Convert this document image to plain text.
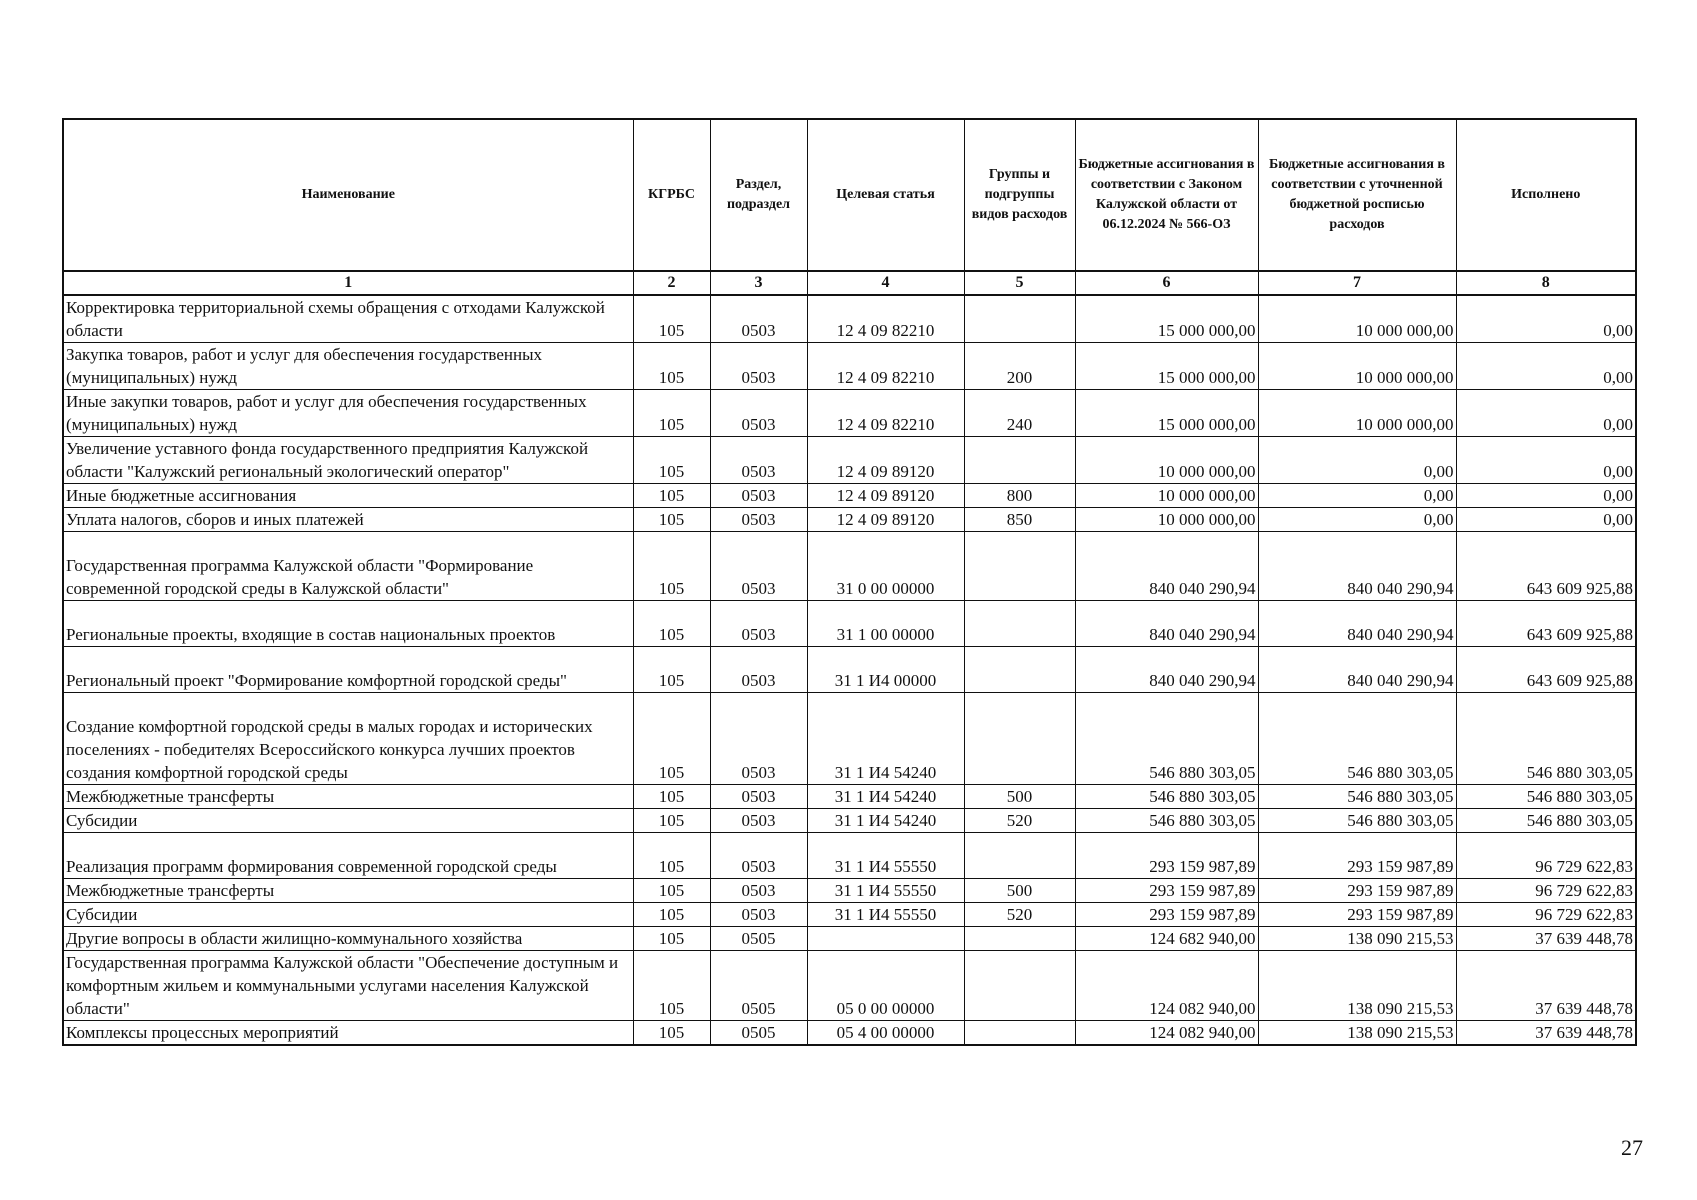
Наименование	КГРБС	Раздел, подраздел	Целевая статья	Группы и подгруппы видов расходов	Бюджетные ассигнования в соответствии с Законом Калужской области от 06.12.2024 № 566-ОЗ	Бюджетные ассигнования в соответствии с уточненной бюджетной росписью расходов	Исполнено
1	2	3	4	5	6	7	8
Корректировка территориальной схемы обращения с отходами Калужской области	105	0503	12 4 09 82210		15 000 000,00	10 000 000,00	0,00
Закупка товаров, работ и услуг для обеспечения государственных (муниципальных) нужд	105	0503	12 4 09 82210	200	15 000 000,00	10 000 000,00	0,00
Иные закупки товаров, работ и услуг для обеспечения государственных (муниципальных) нужд	105	0503	12 4 09 82210	240	15 000 000,00	10 000 000,00	0,00
Увеличение уставного фонда государственного предприятия Калужской области "Калужский региональный экологический оператор"	105	0503	12 4 09 89120		10 000 000,00	0,00	0,00
Иные бюджетные ассигнования	105	0503	12 4 09 89120	800	10 000 000,00	0,00	0,00
Уплата налогов, сборов и иных платежей	105	0503	12 4 09 89120	850	10 000 000,00	0,00	0,00
Государственная программа Калужской области "Формирование современной городской среды в Калужской области"	105	0503	31 0 00 00000		840 040 290,94	840 040 290,94	643 609 925,88
Региональные проекты, входящие в состав национальных проектов	105	0503	31 1 00 00000		840 040 290,94	840 040 290,94	643 609 925,88
Региональный проект "Формирование комфортной городской среды"	105	0503	31 1 И4 00000		840 040 290,94	840 040 290,94	643 609 925,88
Создание комфортной городской среды в малых городах и исторических поселениях - победителях Всероссийского конкурса лучших проектов создания комфортной городской среды	105	0503	31 1 И4 54240		546 880 303,05	546 880 303,05	546 880 303,05
Межбюджетные трансферты	105	0503	31 1 И4 54240	500	546 880 303,05	546 880 303,05	546 880 303,05
Субсидии	105	0503	31 1 И4 54240	520	546 880 303,05	546 880 303,05	546 880 303,05
Реализация программ формирования современной городской среды	105	0503	31 1 И4 55550		293 159 987,89	293 159 987,89	96 729 622,83
Межбюджетные трансферты	105	0503	31 1 И4 55550	500	293 159 987,89	293 159 987,89	96 729 622,83
Субсидии	105	0503	31 1 И4 55550	520	293 159 987,89	293 159 987,89	96 729 622,83
Другие вопросы в области жилищно-коммунального хозяйства	105	0505			124 682 940,00	138 090 215,53	37 639 448,78
Государственная программа Калужской области "Обеспечение доступным и комфортным жильем и коммунальными услугами населения Калужской области"	105	0505	05 0 00 00000		124 082 940,00	138 090 215,53	37 639 448,78
Комплексы процессных мероприятий	105	0505	05 4 00 00000		124 082 940,00	138 090 215,53	37 639 448,78
27
